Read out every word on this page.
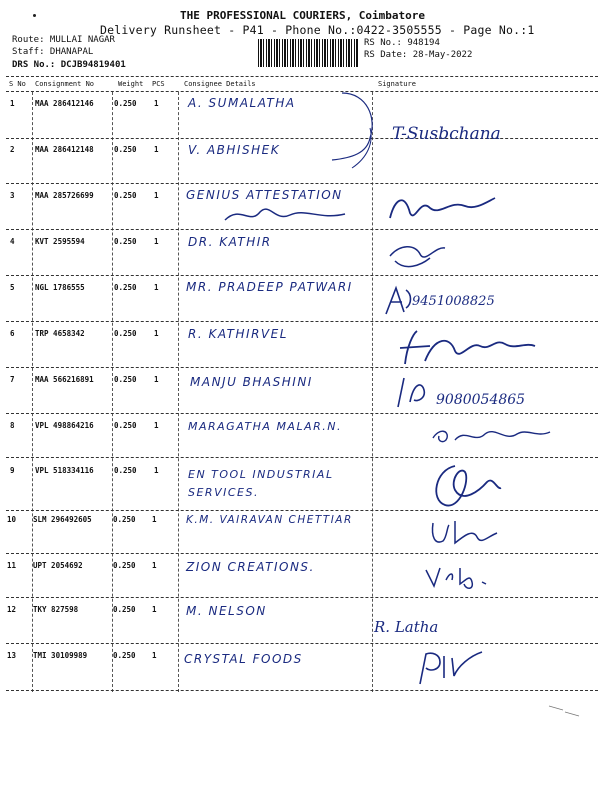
THE PROFESSIONAL COURIERS, Coimbatore
Delivery Runsheet - P41 - Phone No.:0422-3505555 - Page No.:1
Route: MULLAI NAGAR
Staff: DHANAPAL
DRS No.: DCJB94819401
RS No.: 948194
RS Date: 28-May-2022
S No Consignment No	Weight PCS	Consignee Details	Signature
1	MAA 286412146	0.250 1 A. SUMALATHA
2	MAA 286412148	0.250 1 V. ABHISHEK
T-Susbchana
3	MAA 285726699	0.250 1 GENIUS ATTESTATION
4	KVT 2595594	0.250 1 DR. KATHIR
5	NGL 1786555	0.250 1 MR. PRADEEP PATWARI
9451008825
6	TRP 4658342	0.250 1 R. KATHIRVEL
7	MAA 566216891	0.250 1	MANJU BHASHINI
9080054865
8	VPL 498864216	0.250 1	MARAGATHA MALAR.N.
9	VPL 518334116	0.250 1	EN TOOL INDUSTRIAL SERVICES.
10 SLM 296492605	0.250 1	K.M. VAIRAVAN CHETTIAR
11 UPT 2054692	0.250 1 ZION CREATIONS.
12 TKY 827598	0.250 1 M. NELSON
R. Latha
13 TMI 30109989	0.250 1 CRYSTAL FOODS
